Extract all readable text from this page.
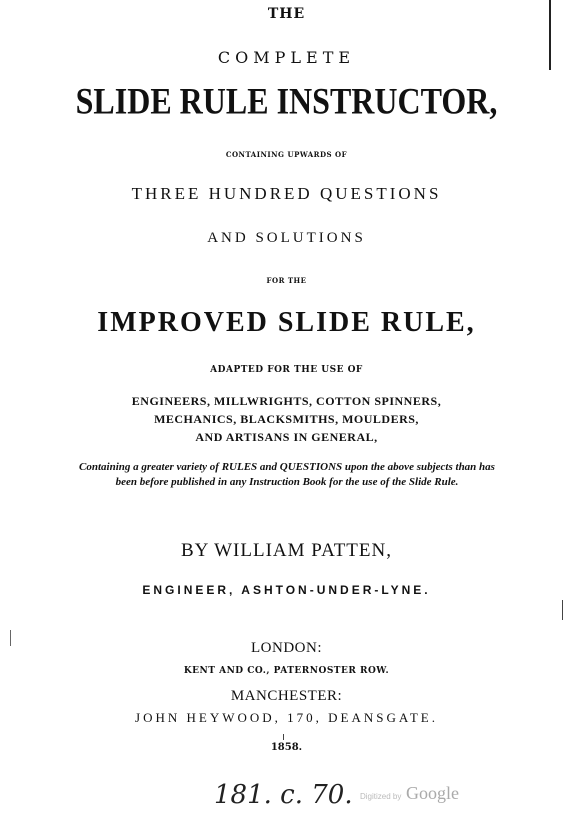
THE
COMPLETE
SLIDE RULE INSTRUCTOR,
CONTAINING UPWARDS OF
THREE HUNDRED QUESTIONS
AND SOLUTIONS
FOR THE
IMPROVED SLIDE RULE,
ADAPTED FOR THE USE OF
ENGINEERS, MILLWRIGHTS, COTTON SPINNERS,
MECHANICS, BLACKSMITHS, MOULDERS,
AND ARTISANS IN GENERAL,
Containing a greater variety of RULES and QUESTIONS upon the above subjects than has been before published in any Instruction Book for the use of the Slide Rule.
BY WILLIAM PATTEN,
ENGINEER, ASHTON-UNDER-LYNE.
LONDON:
KENT AND CO., PATERNOSTER ROW.
MANCHESTER:
JOHN HEYWOOD, 170, DEANSGATE.
1858.
181. c. 70. Digitized by Google
